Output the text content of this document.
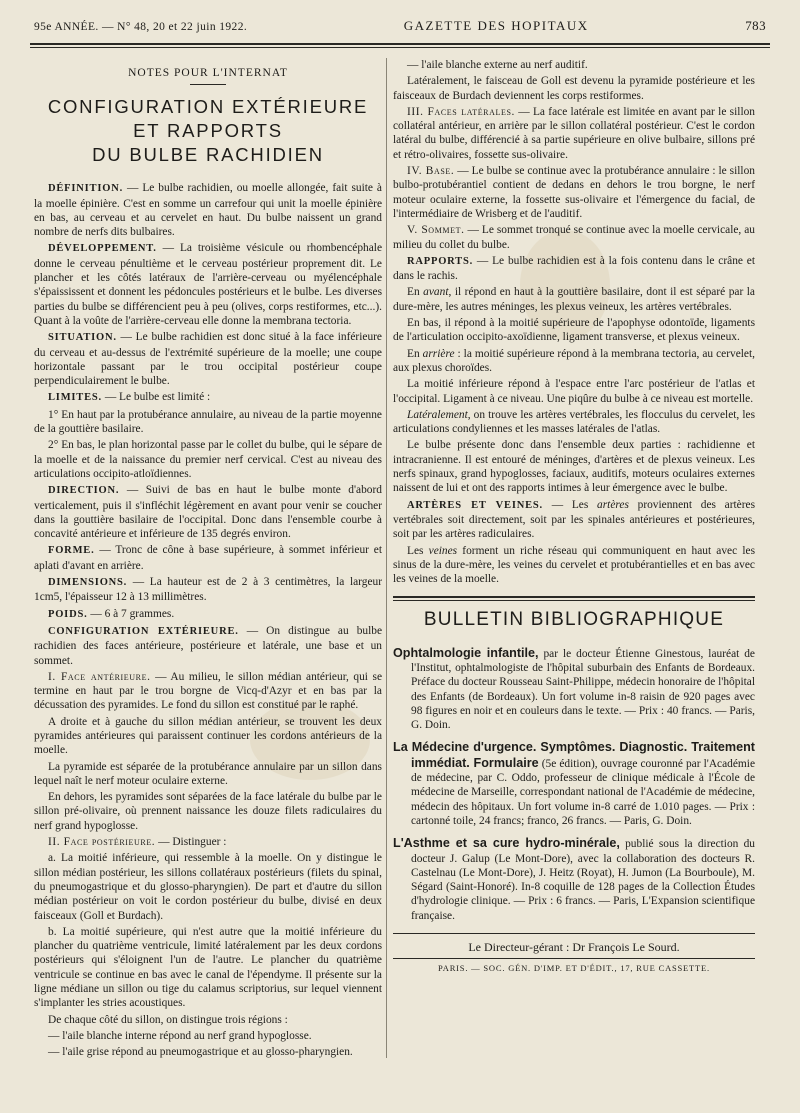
95e ANNÉE. — N° 48, 20 et 22 juin 1922.	GAZETTE DES HOPITAUX	783
NOTES POUR L'INTERNAT
CONFIGURATION EXTÉRIEURE ET RAPPORTS
DU BULBE RACHIDIEN

DÉFINITION. — Le bulbe rachidien, ou moelle allongée, fait suite à la moelle épinière. C'est en somme un carrefour qui unit la moelle épinière en bas, au cerveau et au cervelet en haut. Du bulbe naissent un grand nombre de nerfs dits bulbaires.

DÉVELOPPEMENT. — La troisième vésicule ou rhombencéphale donne le cerveau pénultième et le cerveau postérieur proprement dit. Le plancher et les côtés latéraux de l'arrière-cerveau ou myélencéphale s'épaississent et donnent les pédoncules postérieurs et le bulbe. Les diverses parties du bulbe se différencient peu à peu (olives, corps restiformes, etc...). Quant à la voûte de l'arrière-cerveau elle donne la membrana tectoria.

SITUATION. — Le bulbe rachidien est donc situé à la face inférieure du cerveau et au-dessus de l'extrémité supérieure de la moelle; une coupe horizontale passant par le trou occipital postérieur coupe perpendiculairement le bulbe.

LIMITES. — Le bulbe est limité :

1° En haut par la protubérance annulaire, au niveau de la partie moyenne de la gouttière basilaire.

2° En bas, le plan horizontal passe par le collet du bulbe, qui le sépare de la moelle et de la naissance du premier nerf cervical. C'est au niveau des articulations occipito-atloïdiennes.

DIRECTION. — Suivi de bas en haut le bulbe monte d'abord verticalement, puis il s'infléchit légèrement en avant pour venir se coucher dans la gouttière basilaire de l'occipital. Donc dans l'ensemble courbe à concavité antérieure et inférieure de 135 degrés environ.

FORME. — Tronc de cône à base supérieure, à sommet inférieur et aplati d'avant en arrière.

DIMENSIONS. — La hauteur est de 2 à 3 centimètres, la largeur 1cm5, l'épaisseur 12 à 13 millimètres.

POIDS. — 6 à 7 grammes.

CONFIGURATION EXTÉRIEURE. — On distingue au bulbe rachidien des faces antérieure, postérieure et latérale, une base et un sommet.

I. Face antérieure. — Au milieu, le sillon médian antérieur, qui se termine en haut par le trou borgne de Vicq-d'Azyr et en bas par la décussation des pyramides. Le fond du sillon est constitué par le raphé.

A droite et à gauche du sillon médian antérieur, se trouvent les deux pyramides antérieures qui paraissent continuer les cordons antérieurs de la moelle.

La pyramide est séparée de la protubérance annulaire par un sillon dans lequel naît le nerf moteur oculaire externe.

En dehors, les pyramides sont séparées de la face latérale du bulbe par le sillon pré-olivaire, où prennent naissance les douze filets radiculaires du nerf grand hypoglosse.

II. Face postérieure. — Distinguer :

a. La moitié inférieure, qui ressemble à la moelle. On y distingue le sillon médian postérieur, les sillons collatéraux postérieurs (filets du spinal, du pneumogastrique et du glosso-pharyngien). De part et d'autre du sillon médian postérieur on voit le cordon postérieur du bulbe, divisé en deux faisceaux (Goll et Burdach).

b. La moitié supérieure, qui n'est autre que la moitié inférieure du plancher du quatrième ventricule, limité latéralement par les deux cordons postérieurs qui s'éloignent l'un de l'autre. Le plancher du quatrième ventricule se continue en bas avec le canal de l'épendyme. Il présente sur la ligne médiane un sillon ou tige du calamus scriptorius, sur lequel viennent s'implanter les stries acoustiques.

De chaque côté du sillon, on distingue trois régions :

— l'aile blanche interne répond au nerf grand hypoglosse.

— l'aile grise répond au pneumogastrique et au glosso-pharyngien.

— l'aile blanche externe au nerf auditif.

Latéralement, le faisceau de Goll est devenu la pyramide postérieure et les faisceaux de Burdach deviennent les corps restiformes.

III. Faces latérales. — La face latérale est limitée en avant par le sillon collatéral antérieur, en arrière par le sillon collatéral postérieur. C'est le cordon latéral du bulbe, différencié à sa partie supérieure en olive bulbaire, sillons pré et rétro-olivaires, fossette sus-olivaire.

IV. Base. — Le bulbe se continue avec la protubérance annulaire : le sillon bulbo-protubérantiel contient de dedans en dehors le trou borgne, le nerf moteur oculaire externe, la fossette sus-olivaire et l'émergence du facial, de l'intermédiaire de Wrisberg et de l'auditif.

V. Sommet. — Le sommet tronqué se continue avec la moelle cervicale, au milieu du collet du bulbe.

RAPPORTS. — Le bulbe rachidien est à la fois contenu dans le crâne et dans le rachis.

En avant, il répond en haut à la gouttière basilaire, dont il est séparé par la dure-mère, les autres méninges, les plexus veineux, les artères vertébrales.

En bas, il répond à la moitié supérieure de l'apophyse odontoïde, ligaments de l'articulation occipito-axoïdienne, ligament transverse, et plexus veineux.

En arrière : la moitié supérieure répond à la membrana tectoria, au cervelet, aux plexus choroïdes.

La moitié inférieure répond à l'espace entre l'arc postérieur de l'atlas et l'occipital. Ligament à ce niveau. Une piqûre du bulbe à ce niveau est mortelle.

Latéralement, on trouve les artères vertébrales, les flocculus du cervelet, les articulations condyliennes et les masses latérales de l'atlas.

Le bulbe présente donc dans l'ensemble deux parties : rachidienne et intracranienne. Il est entouré de méninges, d'artères et de plexus veineux. Les nerfs spinaux, grand hypoglosses, faciaux, auditifs, moteurs oculaires externes naissent de lui et ont des rapports intimes à leur émergence avec le bulbe.

ARTÈRES ET VEINES. — Les artères proviennent des artères vertébrales soit directement, soit par les spinales antérieures et postérieures, soit par les artères radiculaires.

Les veines forment un riche réseau qui communiquent en haut avec les sinus de la dure-mère, les veines du cervelet et protubérantielles et en bas avec les veines de la moelle.

BULLETIN BIBLIOGRAPHIQUE
Ophtalmologie infantile, par le docteur Étienne Ginestous, lauréat de l'Institut, ophtalmologiste de l'hôpital suburbain des Enfants de Bordeaux. Préface du docteur Rousseau Saint-Philippe, médecin honoraire de l'hôpital des Enfants (de Bordeaux). Un fort volume in-8 raisin de 920 pages avec 98 figures en noir et en couleurs dans le texte. — Prix : 40 francs. — Paris, G. Doin.
La Médecine d'urgence. Symptômes. Diagnostic. Traitement immédiat. Formulaire (5e édition), ouvrage couronné par l'Académie de médecine, par C. Oddo, professeur de clinique médicale à l'École de médecine de Marseille, correspondant national de l'Académie de médecine, médecin des hôpitaux. Un fort volume in-8 carré de 1.010 pages. — Prix : cartonné toile, 24 francs; franco, 26 francs. — Paris, G. Doin.
L'Asthme et sa cure hydro-minérale, publié sous la direction du docteur J. Galup (Le Mont-Dore), avec la collaboration des docteurs R. Castelnau (Le Mont-Dore), J. Heitz (Royat), H. Jumon (La Bourboule), M. Ségard (Saint-Honoré). In-8 coquille de 128 pages de la Collection Études d'hydrologie clinique. — Prix : 6 francs. — Paris, L'Expansion scientifique française.
Le Directeur-gérant : Dr François Le Sourd.
PARIS. — SOC. GÉN. D'IMP. ET D'ÉDIT., 17, RUE CASSETTE.
